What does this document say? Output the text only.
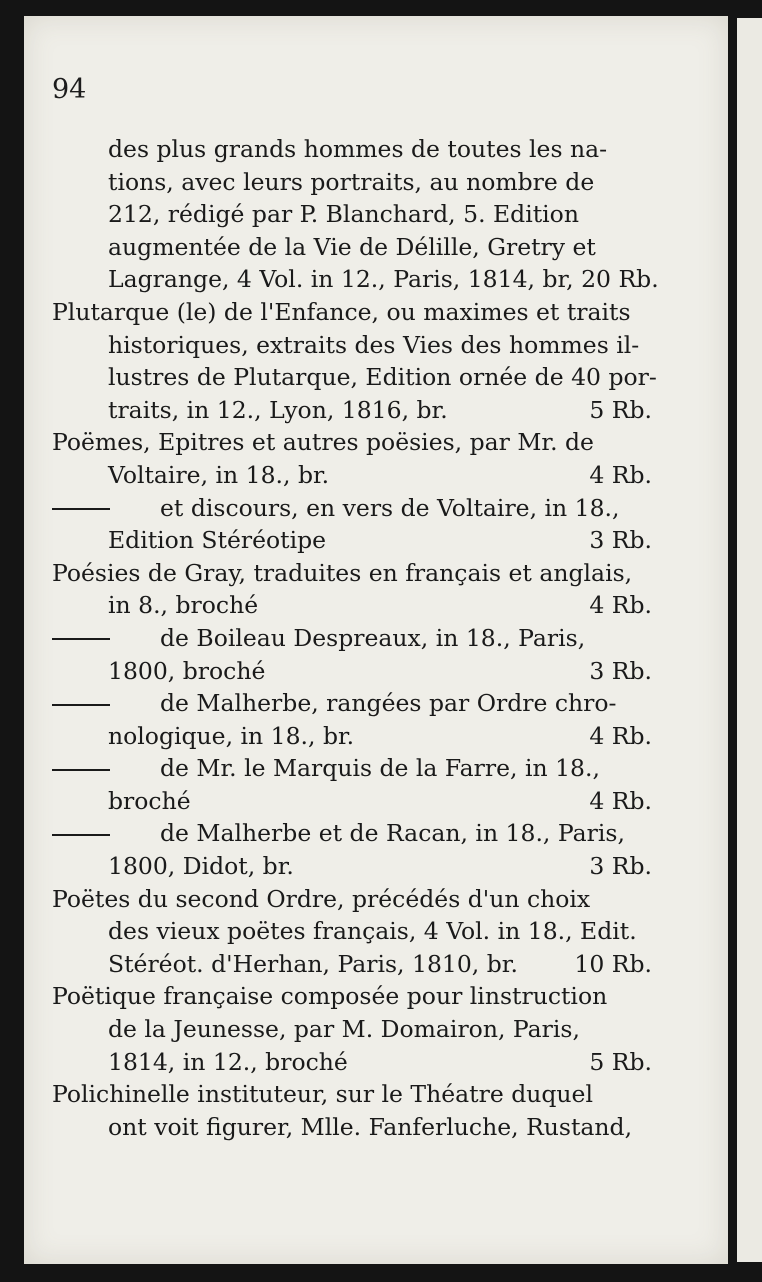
94
des plus grands hommes de toutes les na-
tions, avec leurs portraits, au nombre de
212, rédigé par P. Blanchard, 5. Edition
augmentée de la Vie de Délille, Gretry et
Lagrange, 4 Vol. in 12., Paris, 1814, br, 20 Rb.
Plutarque (le) de l'Enfance, ou maximes et traits
historiques, extraits des Vies des hommes il-
lustres de Plutarque, Edition ornée de 40 por-
traits, in 12., Lyon, 1816, br.	5 Rb.
Poëmes, Epitres et autres poësies, par Mr. de
Voltaire, in 18., br.	4 Rb.
et discours, en vers de Voltaire, in 18.,
Edition Stéréotipe	3 Rb.
Poésies de Gray, traduites en français et anglais,
in 8., broché	4 Rb.
de Boileau Despreaux, in 18., Paris,
1800, broché	3 Rb.
de Malherbe, rangées par Ordre chro-
nologique, in 18., br.	4 Rb.
de Mr. le Marquis de la Farre, in 18.,
broché	4 Rb.
de Malherbe et de Racan, in 18., Paris,
1800, Didot, br.	3 Rb.
Poëtes du second Ordre, précédés d'un choix
des vieux poëtes français, 4 Vol. in 18., Edit.
Stéréot. d'Herhan, Paris, 1810, br. 10 Rb.
Poëtique française composée pour linstruction
de la Jeunesse, par M. Domairon, Paris,
1814, in 12., broché	5 Rb.
Polichinelle instituteur, sur le Théatre duquel
ont voit figurer, Mlle. Fanferluche, Rustand,
